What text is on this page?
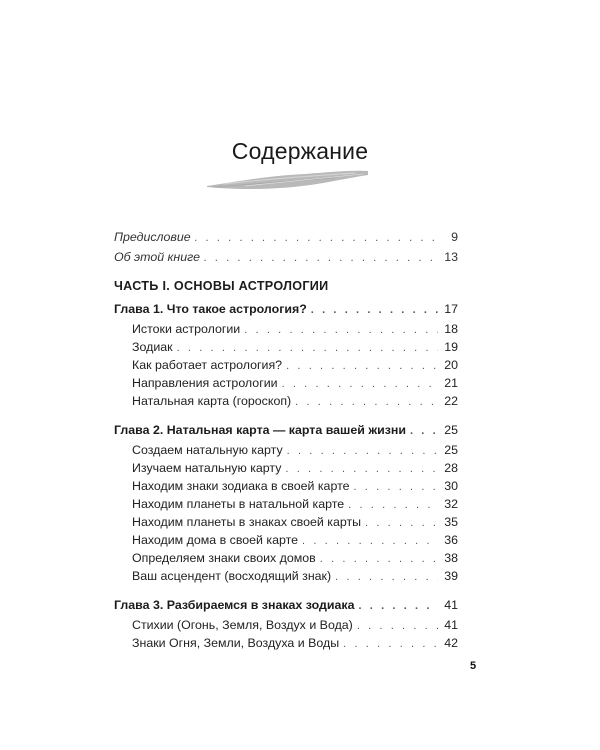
Содержание
Предисловие . . .	9
Об этой книге . . .	13
ЧАСТЬ I. ОСНОВЫ АСТРОЛОГИИ
Глава 1. Что такое астрология? . . .	17
Истоки астрологии . . .	18
Зодиак . . .	19
Как работает астрология? . . .	20
Направления астрологии . . .	21
Натальная карта (гороскоп) . . .	22
Глава 2. Натальная карта — карта вашей жизни . . .	25
Создаем натальную карту . . .	25
Изучаем натальную карту . . .	28
Находим знаки зодиака в своей карте . . .	30
Находим планеты в натальной карте . . .	32
Находим планеты в знаках своей карты . . .	35
Находим дома в своей карте . . .	36
Определяем знаки своих домов . . .	38
Ваш асцендент (восходящий знак) . . .	39
Глава 3. Разбираемся в знаках зодиака . . .	41
Стихии (Огонь, Земля, Воздух и Вода) . . .	41
Знаки Огня, Земли, Воздуха и Воды . . .	42
5
